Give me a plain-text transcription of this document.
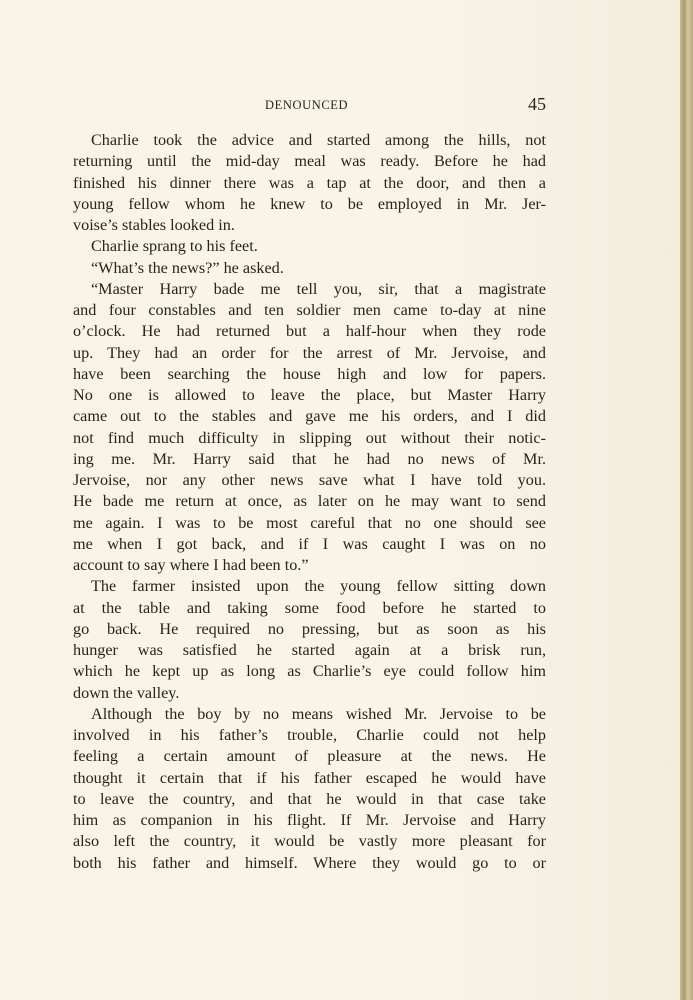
DENOUNCED	45
Charlie took the advice and started among the hills, not
returning until the mid-day meal was ready. Before he had
finished his dinner there was a tap at the door, and then a
young fellow whom he knew to be employed in Mr. Jer-
voise’s stables looked in.
Charlie sprang to his feet.
“What’s the news?” he asked.
“Master Harry bade me tell you, sir, that a magistrate
and four constables and ten soldier men came to-day at nine
o’clock. He had returned but a half-hour when they rode
up. They had an order for the arrest of Mr. Jervoise, and
have been searching the house high and low for papers.
No one is allowed to leave the place, but Master Harry
came out to the stables and gave me his orders, and I did
not find much difficulty in slipping out without their notic-
ing me. Mr. Harry said that he had no news of Mr.
Jervoise, nor any other news save what I have told you.
He bade me return at once, as later on he may want to send
me again. I was to be most careful that no one should see
me when I got back, and if I was caught I was on no
account to say where I had been to.”
The farmer insisted upon the young fellow sitting down
at the table and taking some food before he started to
go back. He required no pressing, but as soon as his
hunger was satisfied he started again at a brisk run,
which he kept up as long as Charlie’s eye could follow him
down the valley.
Although the boy by no means wished Mr. Jervoise to be
involved in his father’s trouble, Charlie could not help
feeling a certain amount of pleasure at the news. He
thought it certain that if his father escaped he would have
to leave the country, and that he would in that case take
him as companion in his flight. If Mr. Jervoise and Harry
also left the country, it would be vastly more pleasant for
both his father and himself. Where they would go to or
